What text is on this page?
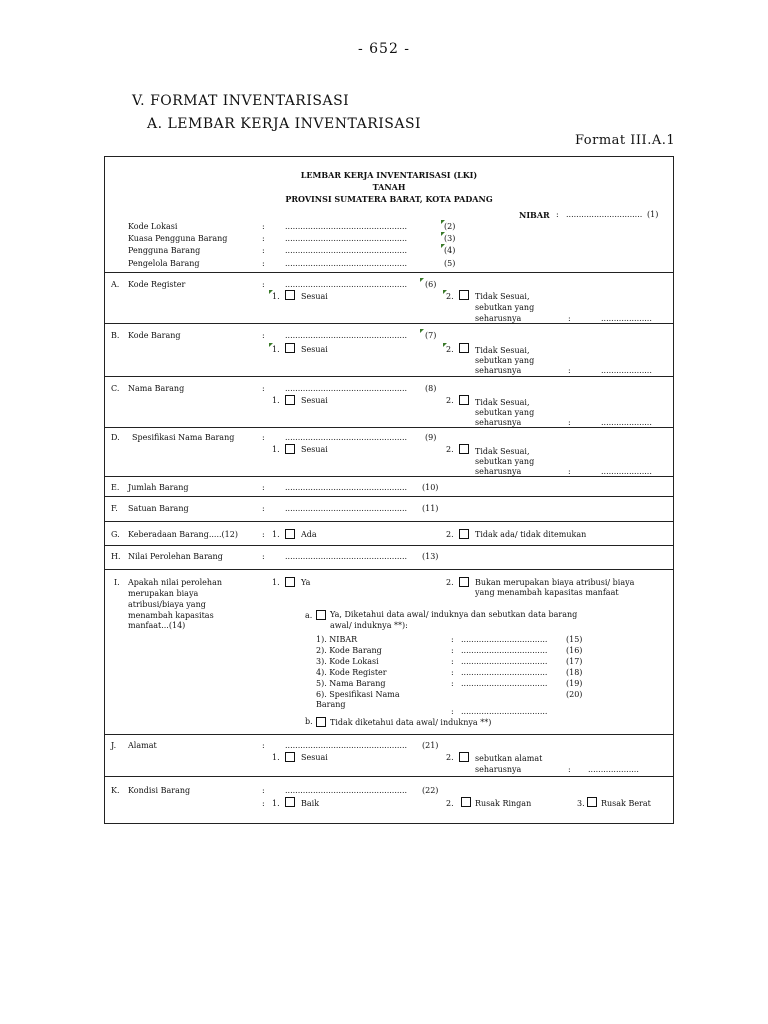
- 652 -
V. FORMAT INVENTARISASI
A. LEMBAR KERJA INVENTARISASI
Format III.A.1
LEMBAR KERJA INVENTARISASI (LKI)
TANAH
PROVINSI SUMATERA BARAT, KOTA PADANG
NIBAR : .............................. (1)
Kode Lokasi	:	................................................	(2)
Kuasa Pengguna Barang	:	................................................	(3)
Pengguna Barang	:	................................................	(4)
Pengelola Barang	:	................................................	(5)
A. Kode Register	:	................................................ (6)
1.	Sesuai	2.	Tidak Sesuai,
sebutkan yang
seharusnya	:	....................
B. Kode Barang	:	................................................ (7)
1.	Sesuai	2.	Tidak Sesuai,
sebutkan yang
seharusnya	:	....................
C. Nama Barang	:	................................................ (8)
1.	Sesuai	2.	Tidak Sesuai,
sebutkan yang
seharusnya	:	....................
D. Spesifikasi Nama Barang	:	................................................ (9)
1.	Sesuai	2.	Tidak Sesuai,
sebutkan yang
seharusnya	:	....................
E. Jumlah Barang	:	................................................ (10)
F. Satuan Barang	:	................................................ (11)
G. Keberadaan Barang.....(12)	: 1.	Ada	2.	Tidak ada/ tidak ditemukan
H. Nilai Perolehan Barang	:	................................................ (13)
I. Apakah nilai perolehan
merupakan biaya
atribusi/biaya yang
menambah kapasitas
manfaat...(14)
1.	Ya	2.	Bukan merupakan biaya atribusi/ biaya
yang menambah kapasitas manfaat
a. Ya, Diketahui data awal/ induknya dan sebutkan data barang
awal/ induknya **):
1). NIBAR	: .................................. (15)
2). Kode Barang	: .................................. (16)
3). Kode Lokasi	: .................................. (17)
4). Kode Register	: .................................. (18)
5). Nama Barang	: .................................. (19)
6). Spesifikasi Nama
Barang
(20)
: ..................................
b. Tidak diketahui data awal/ induknya **)
J. Alamat	:	................................................ (21)
1.	Sesuai	2.	sebutkan alamat
seharusnya	: ....................
K. Kondisi Barang	:	................................................ (22)
: 1.	Baik	2.	Rusak Ringan	3. Rusak Berat
